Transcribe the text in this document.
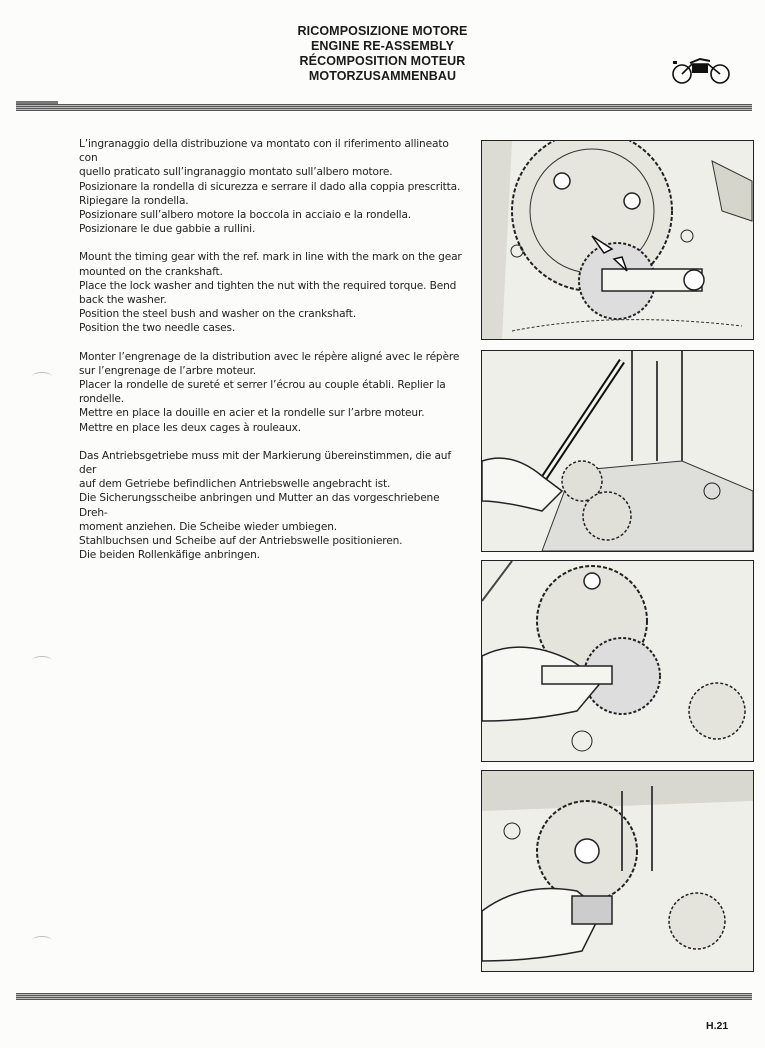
RICOMPOSIZIONE MOTORE
ENGINE RE-ASSEMBLY
RÉCOMPOSITION MOTEUR
MOTORZUSAMMENBAU
L’ingranaggio della distribuzione va montato con il riferimento allineato con
quello praticato sull’ingranaggio montato sull’albero motore.
Posizionare la rondella di sicurezza e serrare il dado alla coppia prescritta.
Ripiegare la rondella.
Posizionare sull’albero motore la boccola in acciaio e la rondella.
Posizionare le due gabbie a rullini.
Mount the timing gear with the ref. mark in line with the mark on the gear
mounted on the crankshaft.
Place the lock washer and tighten the nut with the required torque. Bend
back the washer.
Position the steel bush and washer on the crankshaft.
Position the two needle cases.
Monter l’engrenage de la distribution avec le répère aligné avec le répère
sur l’engrenage de l’arbre moteur.
Placer la rondelle de sureté et serrer l’écrou au couple établi. Replier la
rondelle.
Mettre en place la douille en acier et la rondelle sur l’arbre moteur.
Mettre en place les deux cages à rouleaux.
Das Antriebsgetriebe muss mit der Markierung übereinstimmen, die auf der
auf dem Getriebe befindlichen Antriebswelle angebracht ist.
Die Sicherungsscheibe anbringen und Mutter an das vorgeschriebene Dreh-
moment anziehen. Die Scheibe wieder umbiegen.
Stahlbuchsen und Scheibe auf der Antriebswelle positionieren.
Die beiden Rollenkäfige anbringen.
H.21
